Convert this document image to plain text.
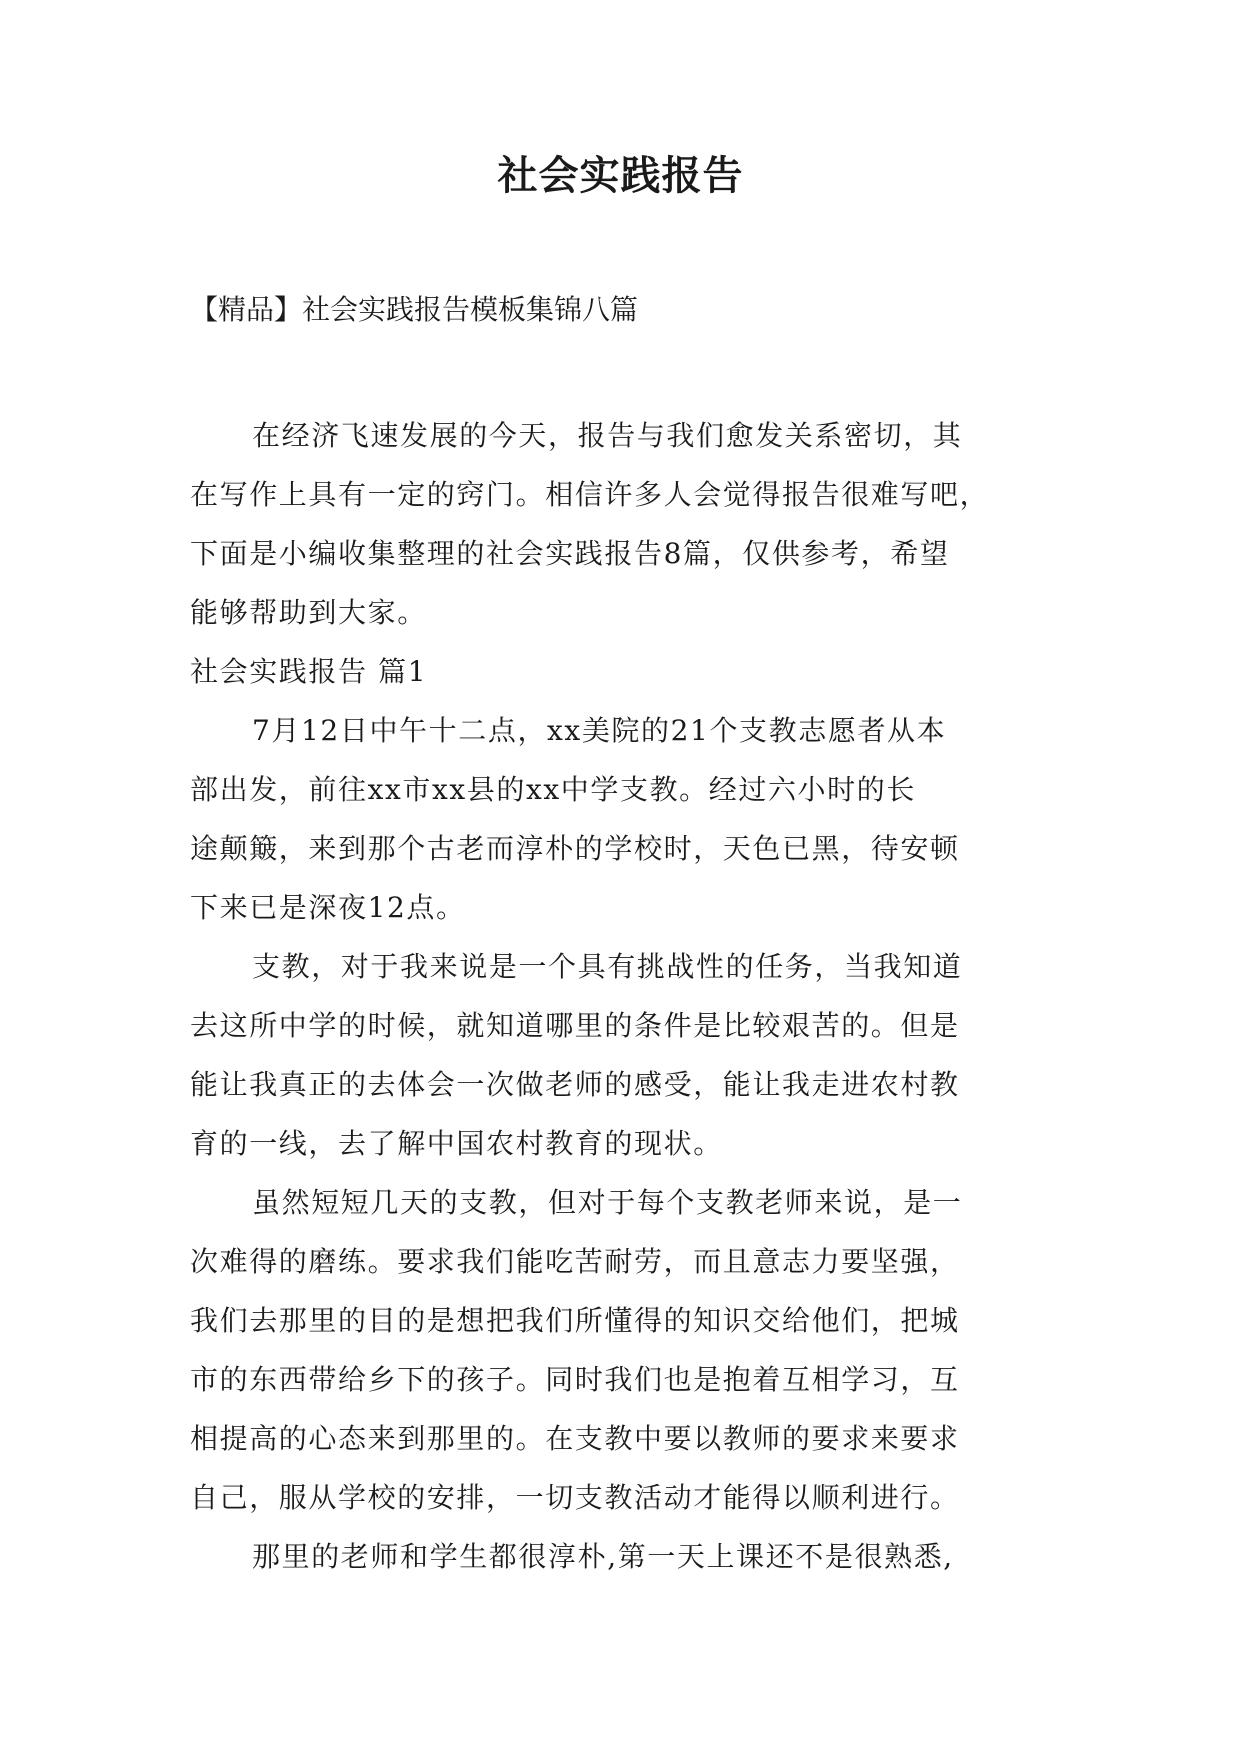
社会实践报告

【精品】社会实践报告模板集锦八篇

在经济飞速发展的今天，报告与我们愈发关系密切，其
在写作上具有一定的窍门。相信许多人会觉得报告很难写吧，
下面是小编收集整理的社会实践报告8篇，仅供参考，希望
能够帮助到大家。

社会实践报告 篇1

7月12日中午十二点，xx美院的21个支教志愿者从本
部出发，前往xx市xx县的xx中学支教。经过六小时的长
途颠簸，来到那个古老而淳朴的学校时，天色已黑，待安顿
下来已是深夜12点。

支教，对于我来说是一个具有挑战性的任务，当我知道
去这所中学的时候，就知道哪里的条件是比较艰苦的。但是
能让我真正的去体会一次做老师的感受，能让我走进农村教
育的一线，去了解中国农村教育的现状。

虽然短短几天的支教，但对于每个支教老师来说，是一
次难得的磨练。要求我们能吃苦耐劳，而且意志力要坚强，
我们去那里的目的是想把我们所懂得的知识交给他们，把城
市的东西带给乡下的孩子。同时我们也是抱着互相学习，互
相提高的心态来到那里的。在支教中要以教师的要求来要求
自己，服从学校的安排，一切支教活动才能得以顺利进行。

那里的老师和学生都很淳朴,第一天上课还不是很熟悉,
